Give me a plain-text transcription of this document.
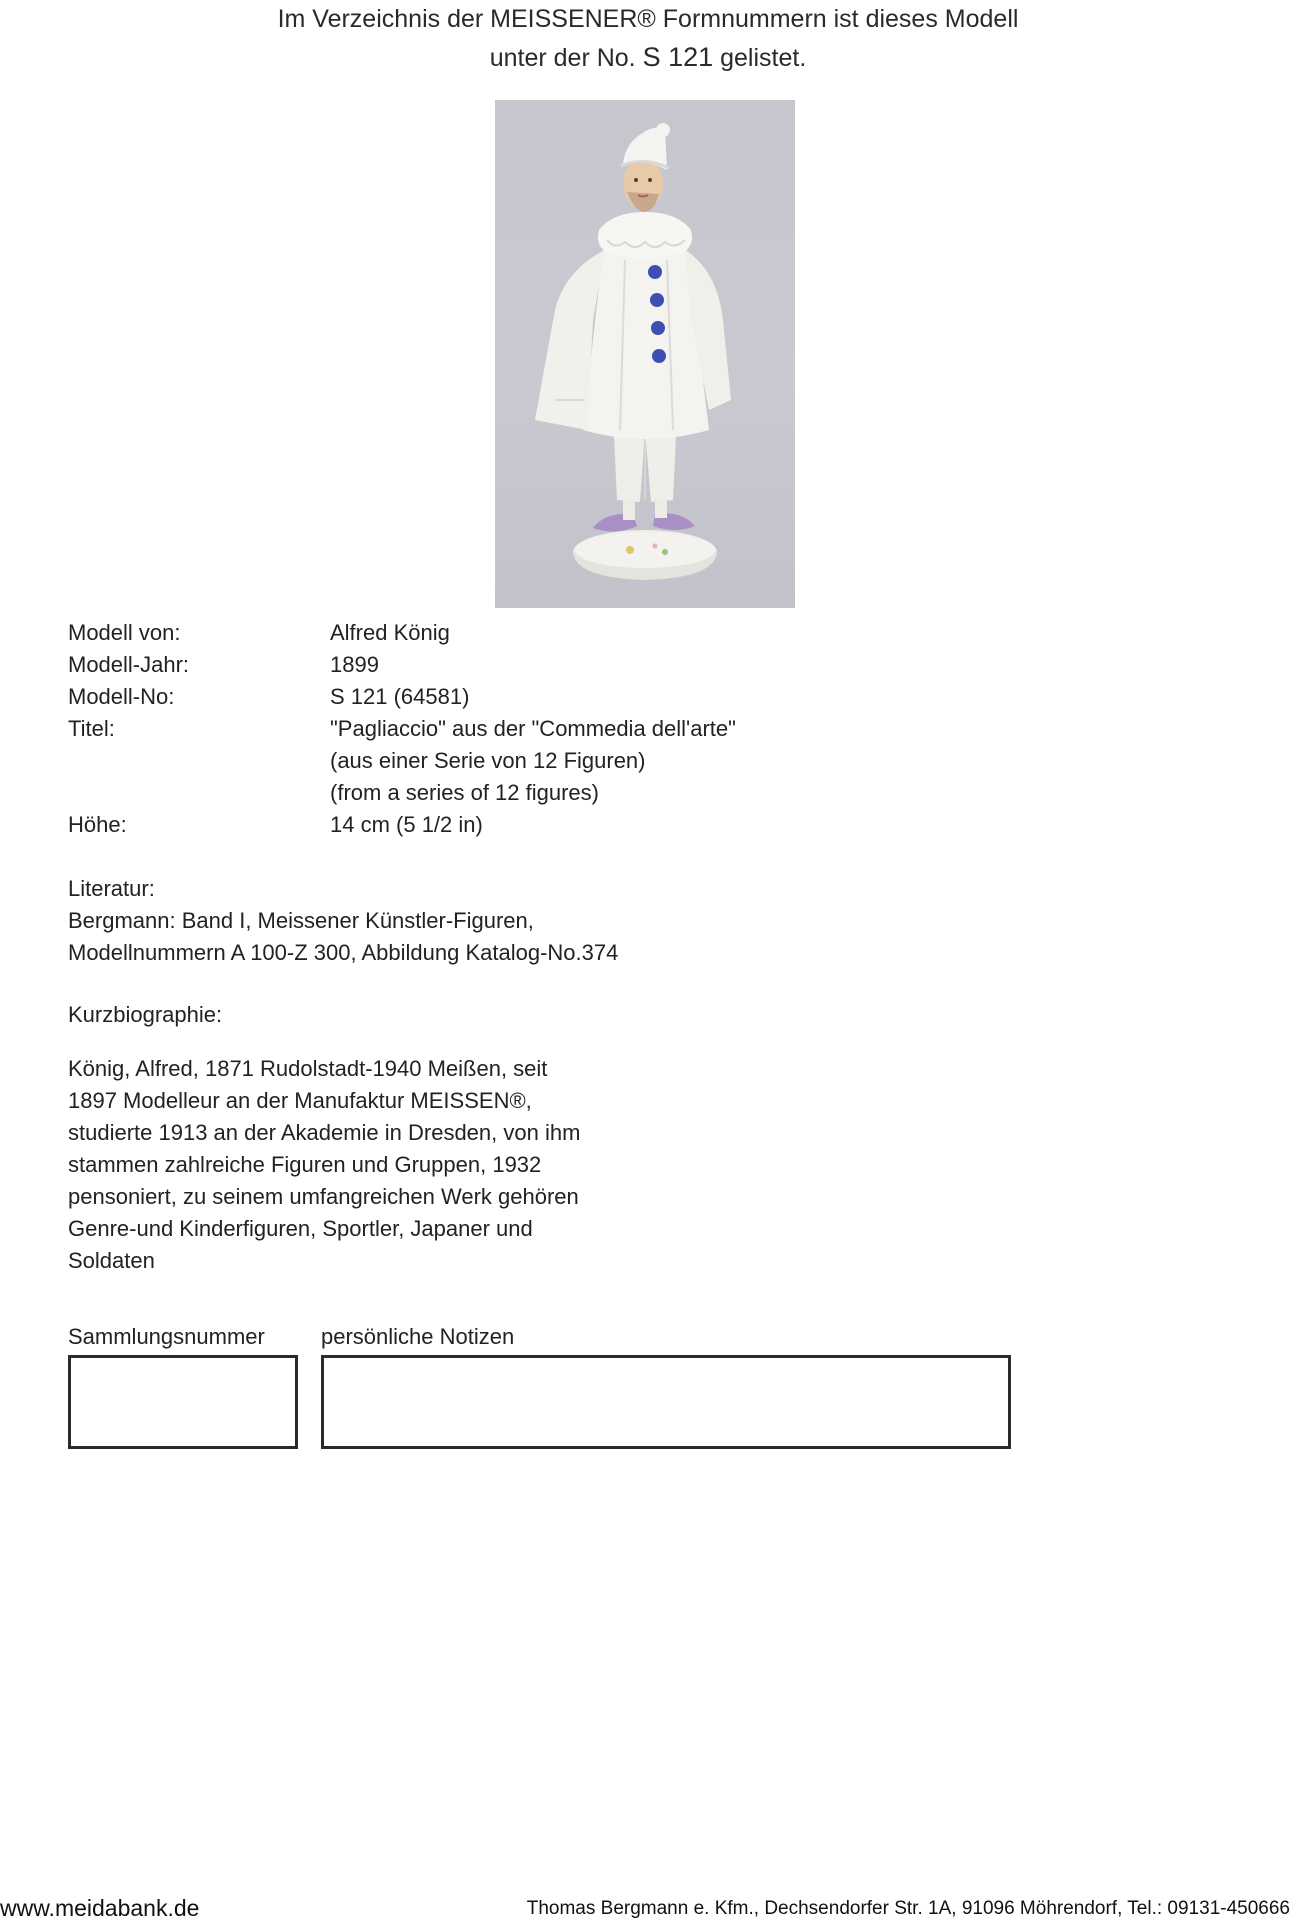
Im Verzeichnis der MEISSENER® Formnummern ist dieses Modell
unter der No. S 121 gelistet.
Modell von:	Alfred König
Modell-Jahr:	1899
Modell-No:	S 121 (64581)
Titel:	"Pagliaccio" aus der "Commedia dell'arte"
(aus einer Serie von 12 Figuren)
(from a series of 12 figures)
Höhe:	14 cm (5 1/2 in)
Literatur:
Bergmann: Band I, Meissener Künstler-Figuren,
Modellnummern A 100-Z 300, Abbildung Katalog-No.374
Kurzbiographie:
König, Alfred, 1871 Rudolstadt-1940 Meißen, seit
1897 Modelleur an der Manufaktur MEISSEN®,
studierte 1913 an der Akademie in Dresden, von ihm
stammen zahlreiche Figuren und Gruppen, 1932
pensoniert, zu seinem umfangreichen Werk gehören
Genre-und Kinderfiguren, Sportler, Japaner und
Soldaten
Sammlungsnummer	persönliche Notizen
www.meidabank.de	Thomas Bergmann e. Kfm., Dechsendorfer Str. 1A, 91096 Möhrendorf, Tel.: 09131-450666
